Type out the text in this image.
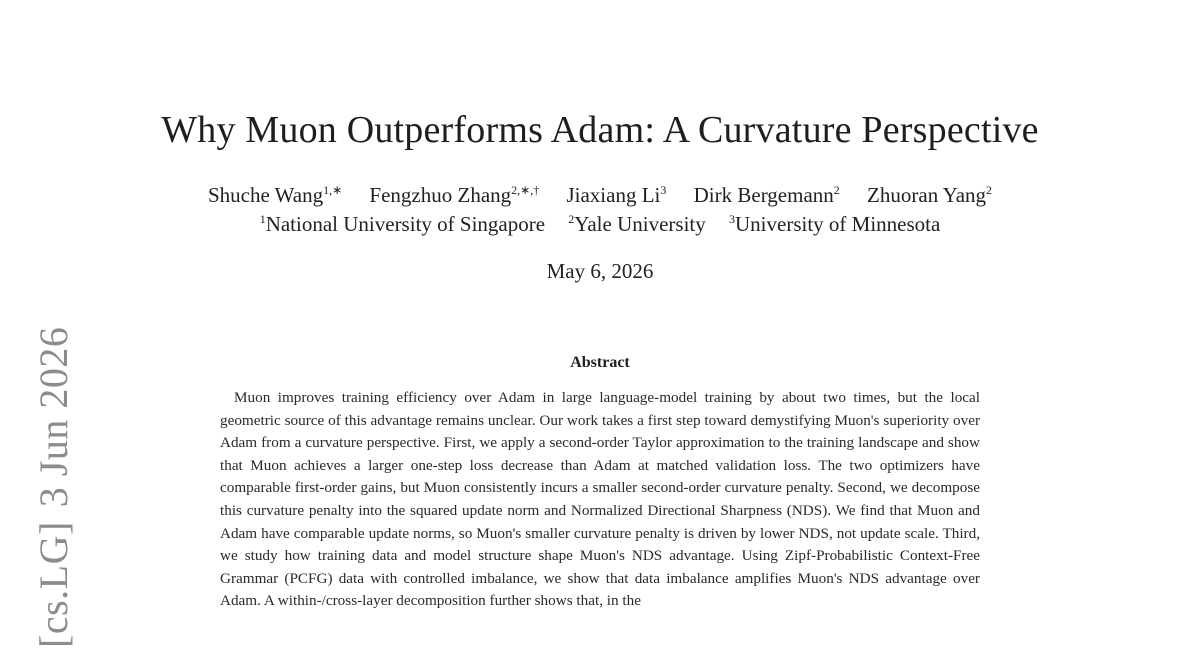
Why Muon Outperforms Adam: A Curvature Perspective
Shuche Wang$^{1,∗}$ Fengzhuo Zhang$^{2,∗,\dagger}$ Jiaxiang Li$^3$ Dirk Bergemann$^2$ Zhuoran Yang$^2$
$^1$National University of Singapore $^2$Yale University $^3$University of Minnesota
May 6, 2026
Abstract

Muon improves training efficiency over Adam in large language-model training by about two times, but the local geometric source of this advantage remains unclear. Our work takes a first step toward demystifying Muon's superiority over Adam from a curvature perspective. First, we apply a second-order Taylor approximation to the training landscape and show that Muon achieves a larger one-step loss decrease than Adam at matched validation loss. The two optimizers have comparable first-order gains, but Muon consistently incurs a smaller second-order curvature penalty. Second, we decompose this curvature penalty into the squared update norm and Normalized Directional Sharpness (NDS). We find that Muon and Adam have comparable update norms, so Muon's smaller curvature penalty is driven by lower NDS, not update scale. Third, we study how training data and model structure shape Muon's NDS advantage. Using Zipf-Probabilistic Context-Free Grammar (PCFG) data with controlled imbalance, we show that data imbalance amplifies Muon's NDS advantage over Adam. A within-/cross-layer decomposition further shows that, in the

[cs.LG]3 Jun 2026
